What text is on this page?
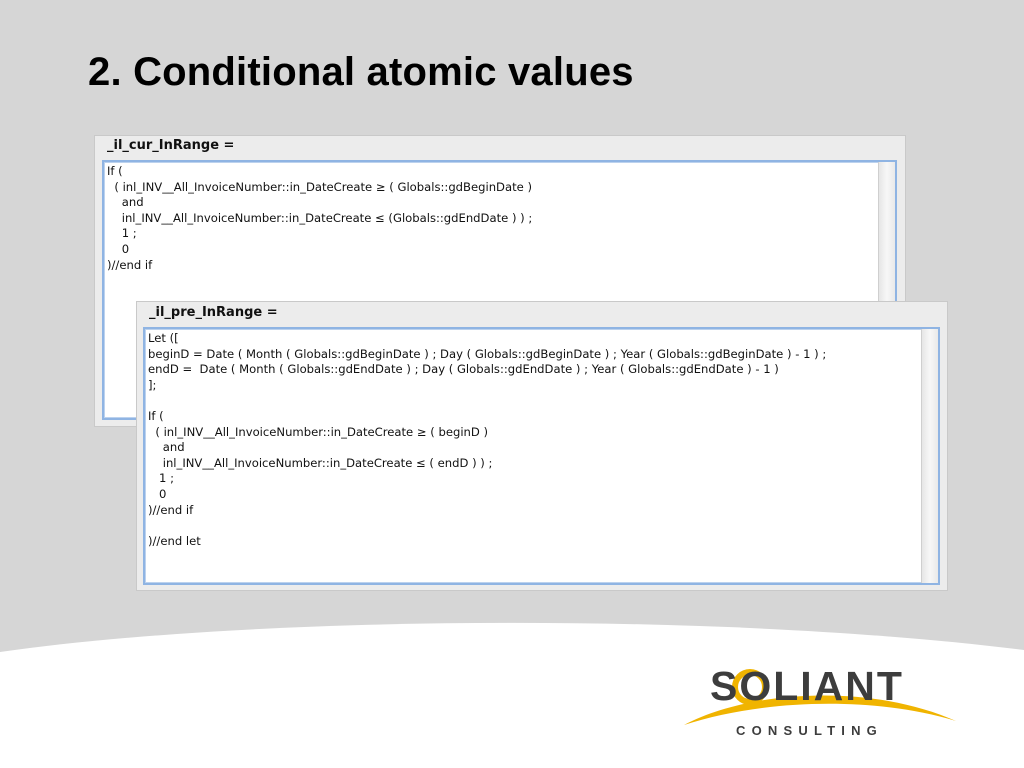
2. Conditional atomic values
_il_cur_InRange =
If (
( inl_INV__All_InvoiceNumber::in_DateCreate ≥ ( Globals::gdBeginDate )
and
inl_INV__All_InvoiceNumber::in_DateCreate ≤ (Globals::gdEndDate ) ) ;
1 ;
0
)//end if
_il_pre_InRange =
Let ([
beginD = Date ( Month ( Globals::gdBeginDate ) ; Day ( Globals::gdBeginDate ) ; Year ( Globals::gdBeginDate ) - 1 ) ;
endD =  Date ( Month ( Globals::gdEndDate ) ; Day ( Globals::gdEndDate ) ; Year ( Globals::gdEndDate ) - 1 )
];

If (
( inl_INV__All_InvoiceNumber::in_DateCreate ≥ ( beginD )
and
inl_INV__All_InvoiceNumber::in_DateCreate ≤ ( endD ) ) ;
1 ;
0
)//end if

)//end let
SOLIANT
CONSULTING
